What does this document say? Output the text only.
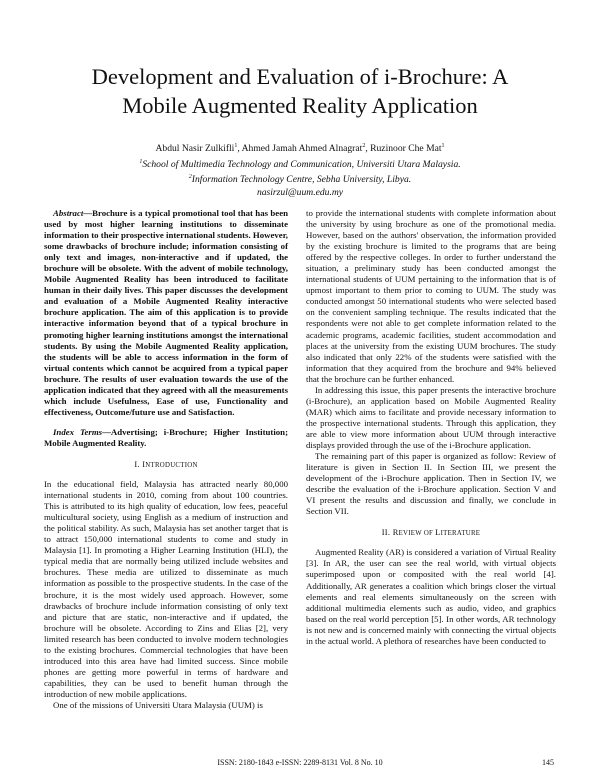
Development and Evaluation of i-Brochure: A
Mobile Augmented Reality Application
Abdul Nasir Zulkifli$^1$, Ahmed Jamah Ahmed Alnagrat$^2$, Ruzinoor Che Mat$^1$
$^1$School of Multimedia Technology and Communication, Universiti Utara Malaysia.
$^2$Information Technology Centre, Sebha University, Libya.
nasirzul@uum.edu.my

Abstract—Brochure is a typical promotional tool that has been used by most higher learning institutions to disseminate information to their prospective international students. However, some drawbacks of brochure include; information consisting of only text and images, non-interactive and if updated, the brochure will be obsolete. With the advent of mobile technology, Mobile Augmented Reality has been introduced to facilitate human in their daily lives. This paper discusses the development and evaluation of a Mobile Augmented Reality interactive brochure application. The aim of this application is to provide interactive information beyond that of a typical brochure in promoting higher learning institutions amongst the international students. By using the Mobile Augmented Reality application, the students will be able to access information in the form of virtual contents which cannot be acquired from a typical paper brochure. The results of user evaluation towards the use of the application indicated that they agreed with all the measurements which include Usefulness, Ease of use, Functionality and effectiveness, Outcome/future use and Satisfaction.

Index Terms—Advertising; i-Brochure; Higher Institution; Mobile Augmented Reality.

I. INTRODUCTION

In the educational field, Malaysia has attracted nearly 80,000 international students in 2010, coming from about 100 countries. This is attributed to its high quality of education, low fees, peaceful multicultural society, using English as a medium of instruction and the political stability. As such, Malaysia has set another target that is to attract 150,000 international students to come and study in Malaysia [1]. In promoting a Higher Learning Institution (HLI), the typical media that are normally being utilized include websites and brochures. These media are utilized to disseminate as much information as possible to the prospective students. In the case of the brochure, it is the most widely used approach. However, some drawbacks of brochure include information consisting of only text and picture that are static, non-interactive and if updated, the brochure will be obsolete. According to Zins and Elias [2], very limited research has been conducted to involve modern technologies to the existing brochures. Commercial technologies that have been introduced into this area have had limited success. Since mobile phones are getting more powerful in terms of hardware and capabilities, they can be used to benefit human through the introduction of new mobile applications.

One of the missions of Universiti Utara Malaysia (UUM) is

to provide the international students with complete information about the university by using brochure as one of the promotional media. However, based on the authors' observation, the information provided by the existing brochure is limited to the programs that are being offered by the respective colleges. In order to further understand the situation, a preliminary study has been conducted amongst the international students of UUM pertaining to the information that is of upmost important to them prior to coming to UUM. The study was conducted amongst 50 international students who were selected based on the convenient sampling technique. The results indicated that the respondents were not able to get complete information related to the academic programs, academic facilities, student accommodation and places at the university from the existing UUM brochures. The study also indicated that only 22% of the students were satisfied with the information that they acquired from the brochure and 94% believed that the brochure can be further enhanced.

In addressing this issue, this paper presents the interactive brochure (i-Brochure), an application based on Mobile Augmented Reality (MAR) which aims to facilitate and provide necessary information to the prospective international students. Through this application, they are able to view more information about UUM through interactive displays provided through the use of the i-Brochure application.

The remaining part of this paper is organized as follow: Review of literature is given in Section II. In Section III, we present the development of the i-Brochure application. Then in Section IV, we describe the evaluation of the i-Brochure application. Section V and VI present the results and discussion and finally, we conclude in Section VII.

II. REVIEW OF LITERATURE

Augmented Reality (AR) is considered a variation of Virtual Reality [3]. In AR, the user can see the real world, with virtual objects superimposed upon or composited with the real world [4]. Additionally, AR generates a coalition which brings closer the virtual elements and real elements simultaneously on the screen with additional multimedia elements such as audio, video, and graphics based on the real world perception [5]. In other words, AR technology is not new and is concerned mainly with connecting the virtual objects in the actual world. A plethora of researches have been conducted to

ISSN: 2180-1843 e-ISSN: 2289-8131 Vol. 8 No. 10	145
